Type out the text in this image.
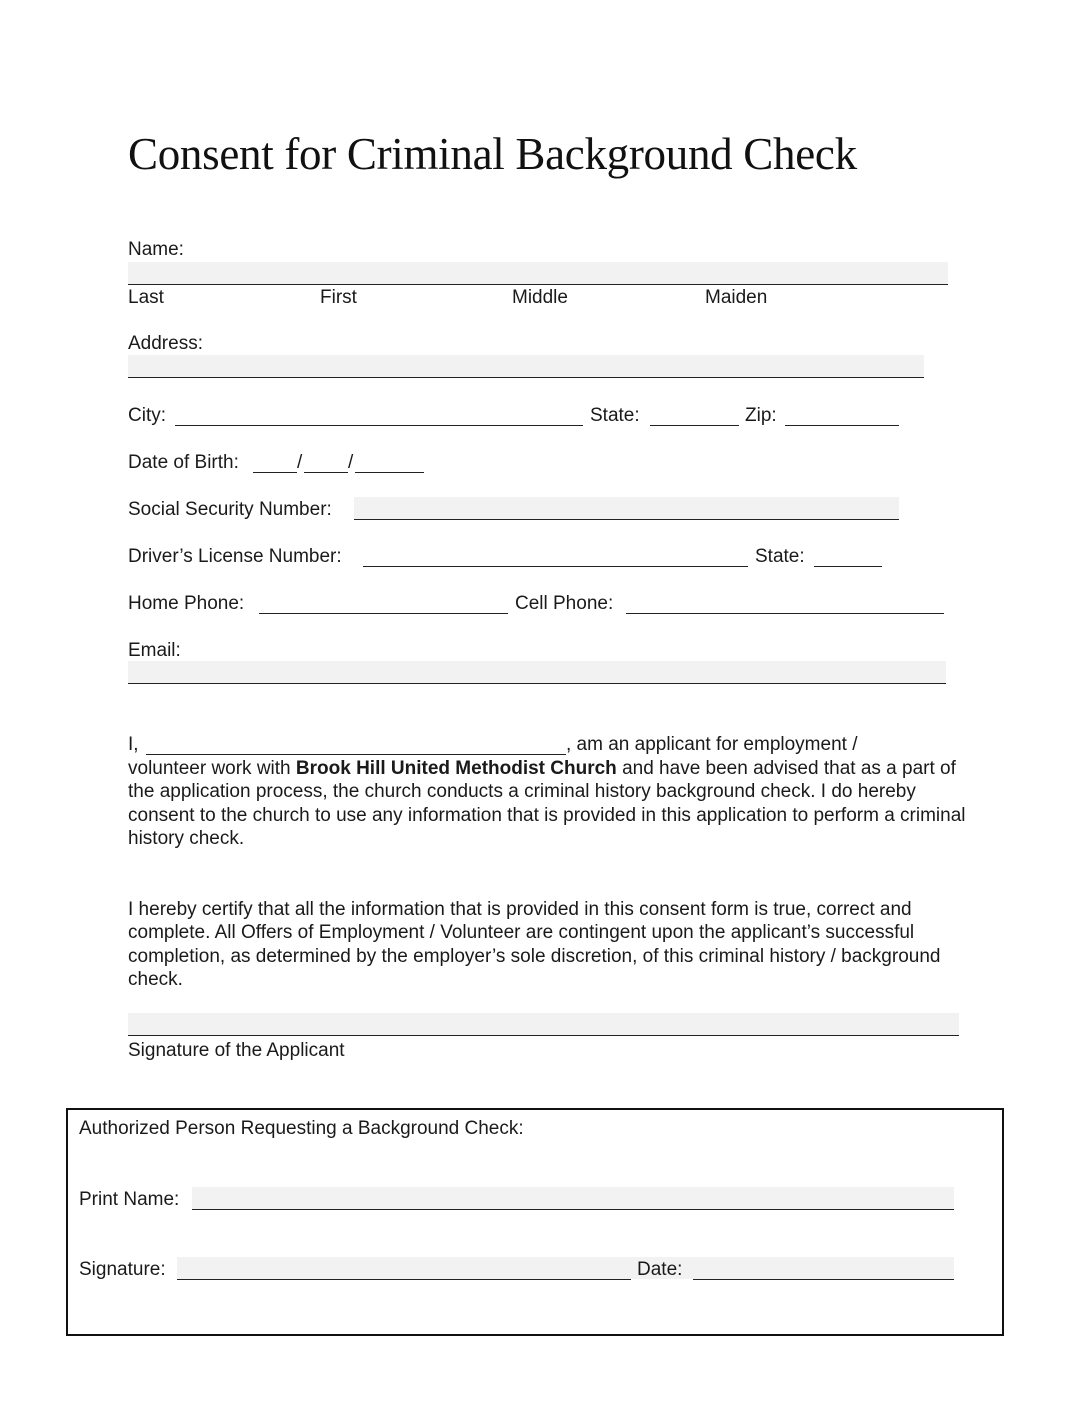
Consent for Criminal Background Check
Name:
Last	First	Middle	Maiden
Address:
City:	State:	Zip:
Date of Birth:	/ /
Social Security Number:
Driver’s License Number:	State:
Home Phone:	Cell Phone:
Email:
I,	, am an applicant for employment /
volunteer work with Brook Hill United Methodist Church and have been advised that as a part of the application process, the church conducts a criminal history background check. I do hereby consent to the church to use any information that is provided in this application to perform a criminal history check.
I hereby certify that all the information that is provided in this consent form is true, correct and complete. All Offers of Employment / Volunteer are contingent upon the applicant’s successful completion, as determined by the employer’s sole discretion, of this criminal history / background check.
Signature of the Applicant
Authorized Person Requesting a Background Check:
Print Name:
Signature:	Date:
